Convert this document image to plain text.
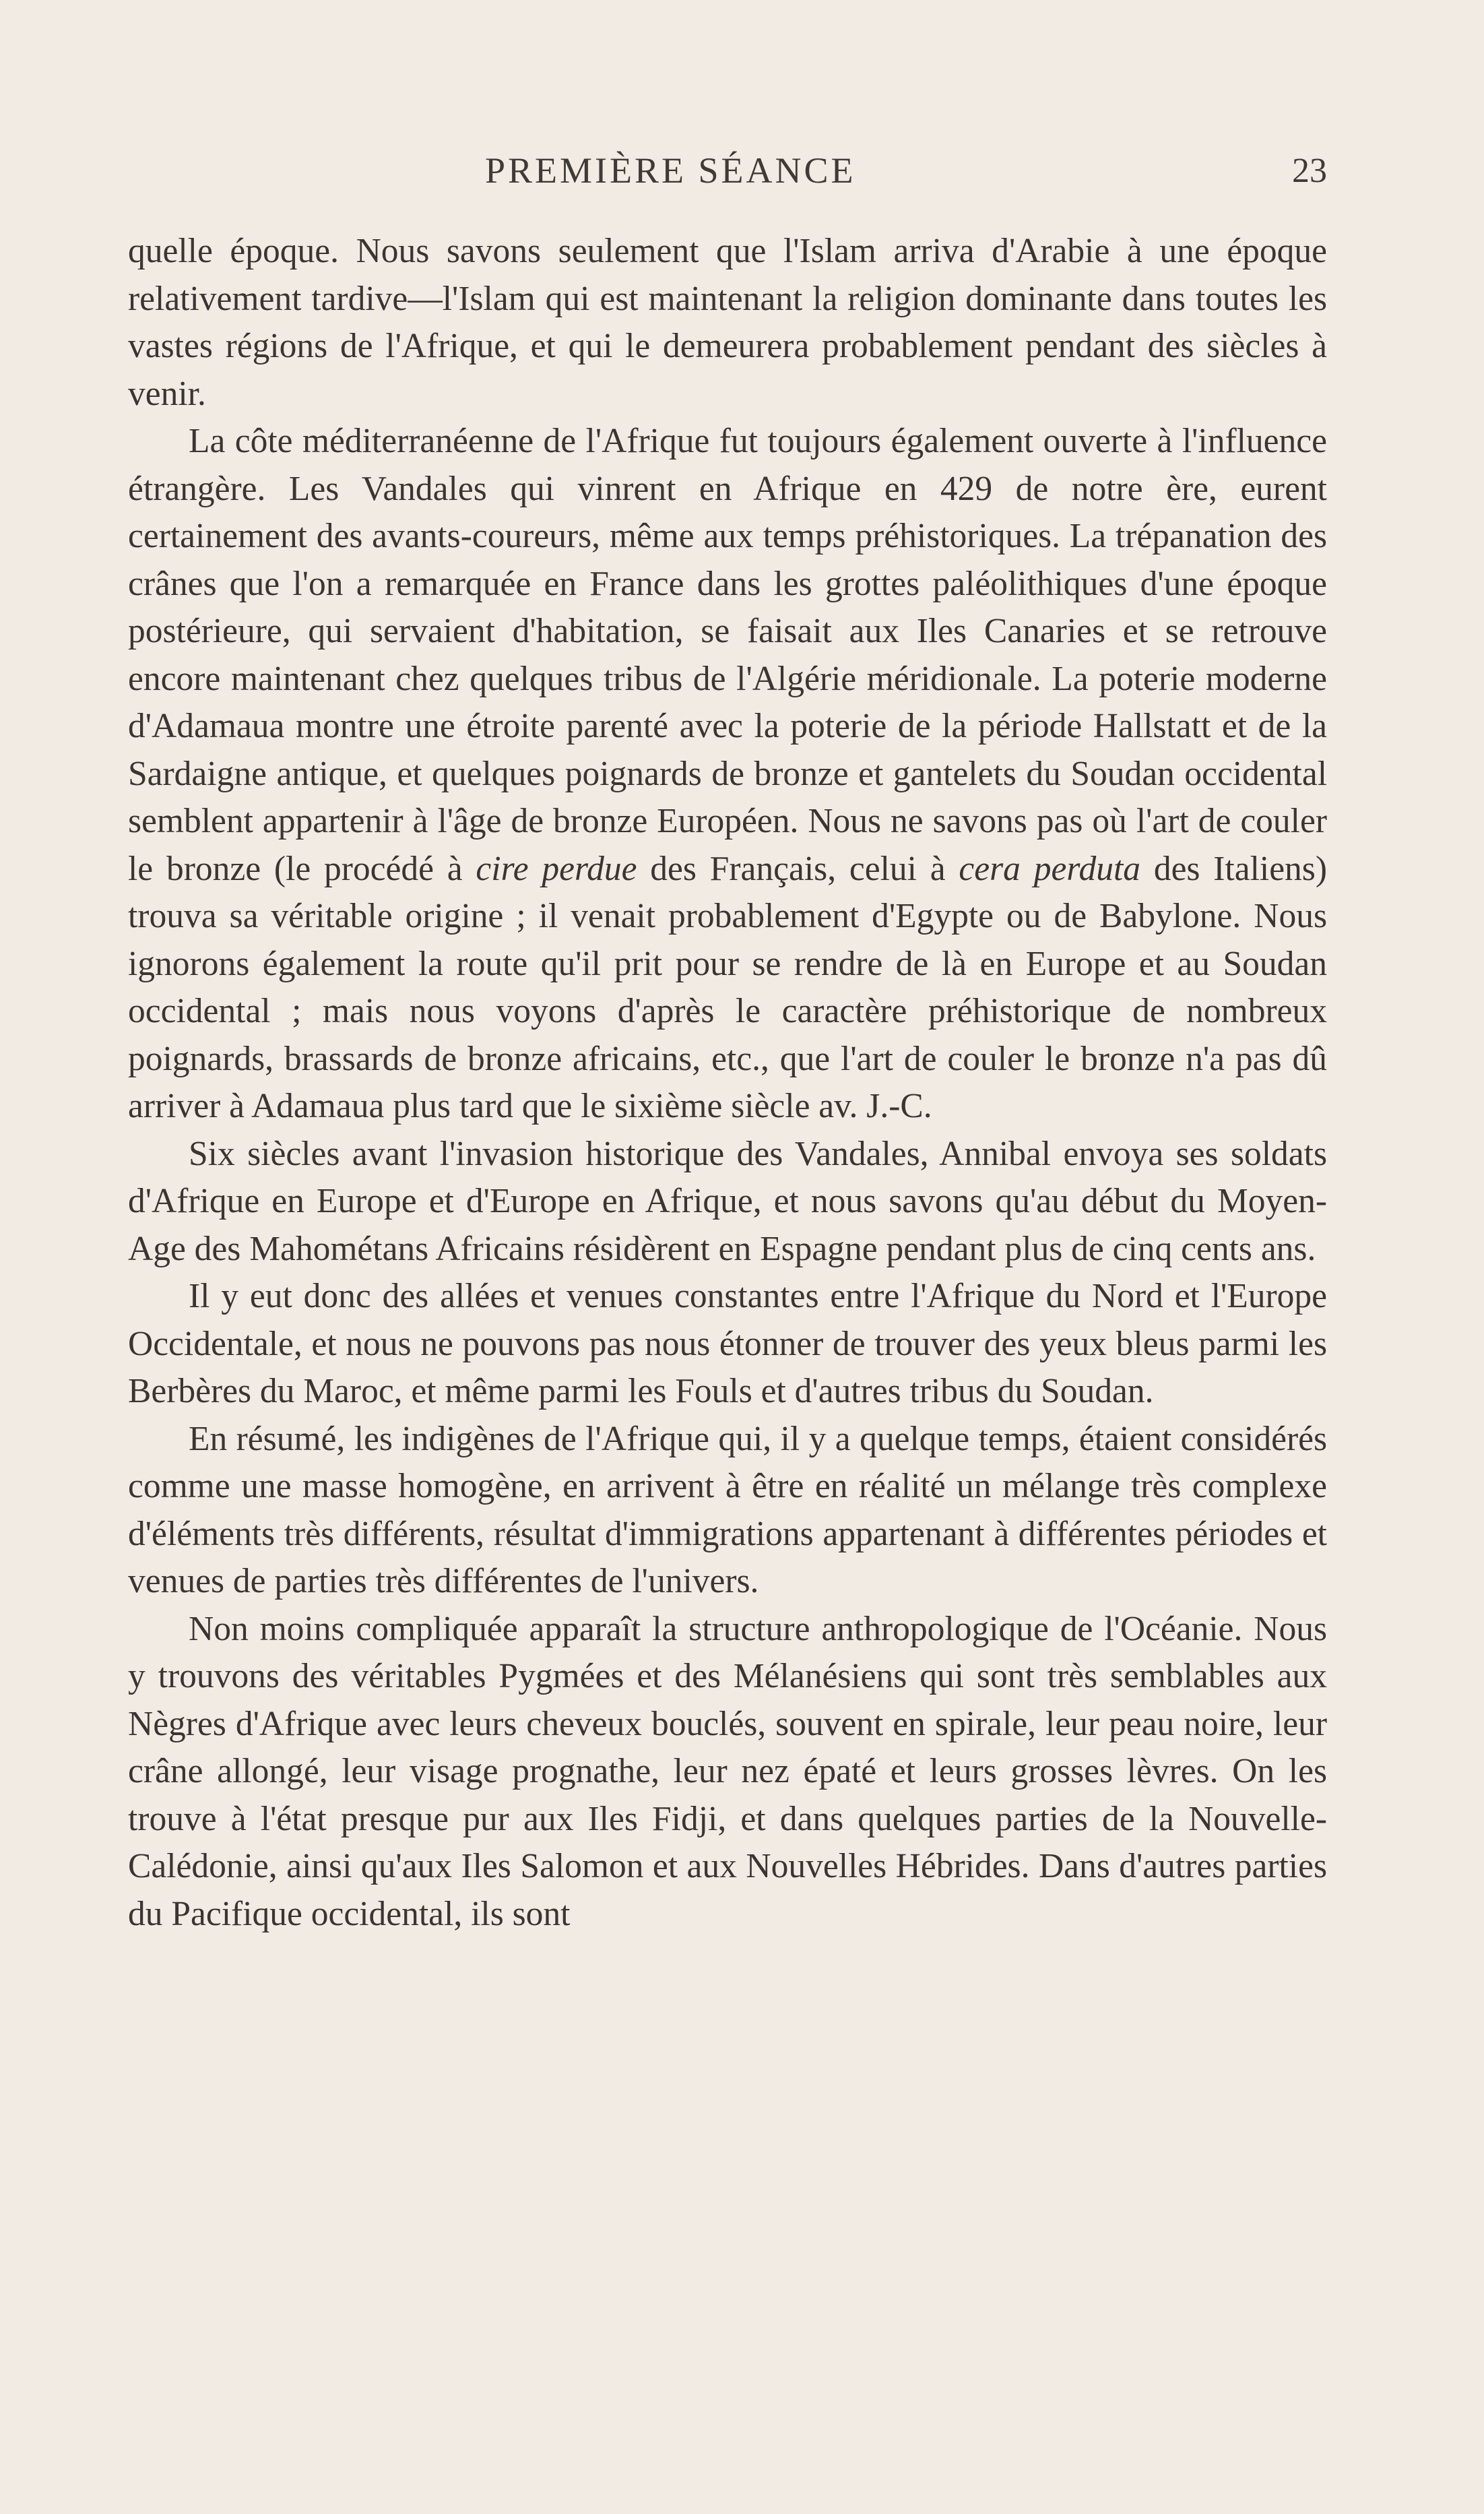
PREMIÈRE SÉANCE	23

quelle époque. Nous savons seulement que l'Islam arriva d'Arabie à une époque relativement tardive—l'Islam qui est maintenant la religion dominante dans toutes les vastes régions de l'Afrique, et qui le demeurera probablement pendant des siècles à venir.

La côte méditerranéenne de l'Afrique fut toujours également ouverte à l'influence étrangère. Les Vandales qui vinrent en Afrique en 429 de notre ère, eurent certainement des avants-coureurs, même aux temps préhistoriques. La trépanation des crânes que l'on a remarquée en France dans les grottes paléolithiques d'une époque postérieure, qui servaient d'habitation, se faisait aux Iles Canaries et se retrouve encore maintenant chez quelques tribus de l'Algérie méridionale. La poterie moderne d'Adamaua montre une étroite parenté avec la poterie de la période Hallstatt et de la Sardaigne antique, et quelques poignards de bronze et gantelets du Soudan occidental semblent appartenir à l'âge de bronze Européen. Nous ne savons pas où l'art de couler le bronze (le procédé à cire perdue des Français, celui à cera perduta des Italiens) trouva sa véritable origine ; il venait probablement d'Egypte ou de Babylone. Nous ignorons également la route qu'il prit pour se rendre de là en Europe et au Soudan occidental ; mais nous voyons d'après le caractère préhistorique de nombreux poignards, brassards de bronze africains, etc., que l'art de couler le bronze n'a pas dû arriver à Adamaua plus tard que le sixième siècle av. J.-C.

Six siècles avant l'invasion historique des Vandales, Annibal envoya ses soldats d'Afrique en Europe et d'Europe en Afrique, et nous savons qu'au début du Moyen-Age des Mahométans Africains résidèrent en Espagne pendant plus de cinq cents ans.

Il y eut donc des allées et venues constantes entre l'Afrique du Nord et l'Europe Occidentale, et nous ne pouvons pas nous étonner de trouver des yeux bleus parmi les Berbères du Maroc, et même parmi les Fouls et d'autres tribus du Soudan.

En résumé, les indigènes de l'Afrique qui, il y a quelque temps, étaient considérés comme une masse homogène, en arrivent à être en réalité un mélange très complexe d'éléments très différents, résultat d'immigrations appartenant à différentes périodes et venues de parties très différentes de l'univers.

Non moins compliquée apparaît la structure anthropologique de l'Océanie. Nous y trouvons des véritables Pygmées et des Mélanésiens qui sont très semblables aux Nègres d'Afrique avec leurs cheveux bouclés, souvent en spirale, leur peau noire, leur crâne allongé, leur visage prognathe, leur nez épaté et leurs grosses lèvres. On les trouve à l'état presque pur aux Iles Fidji, et dans quelques parties de la Nouvelle-Calédonie, ainsi qu'aux Iles Salomon et aux Nouvelles Hébrides. Dans d'autres parties du Pacifique occidental, ils sont
